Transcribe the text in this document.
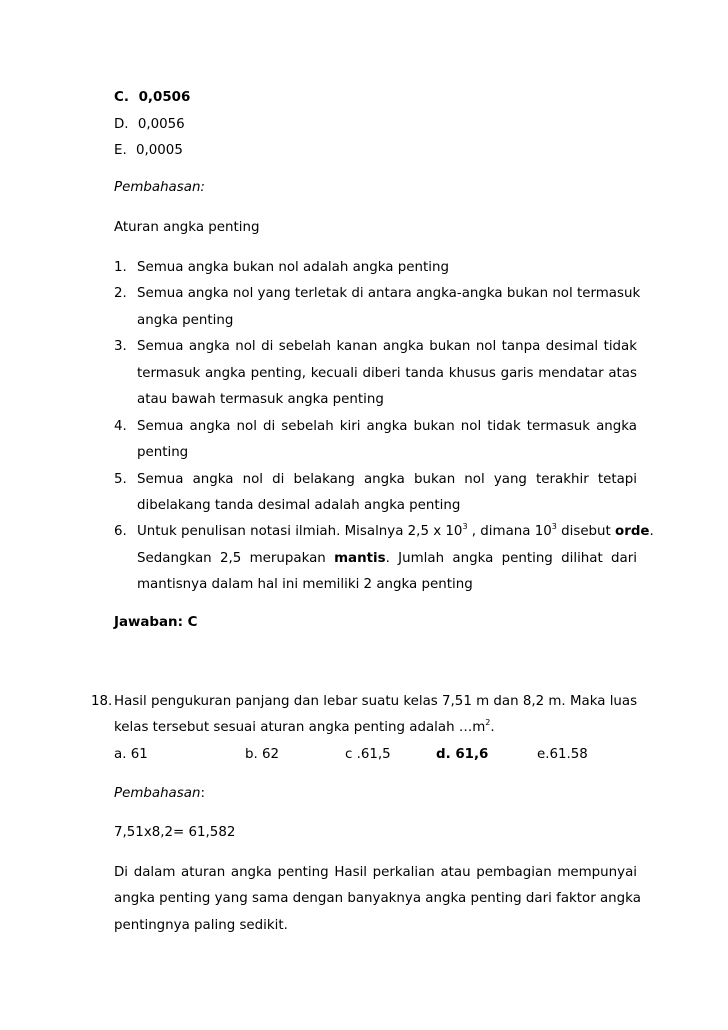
C. 0,0506
D. 0,0056
E. 0,0005
Pembahasan:
Aturan angka penting
1. Semua angka bukan nol adalah angka penting
2. Semua angka nol yang terletak di antara angka-angka bukan nol termasuk
angka penting
3. Semua angka nol di sebelah kanan angka bukan nol tanpa desimal tidak
termasuk angka penting, kecuali diberi tanda khusus garis mendatar atas
atau bawah termasuk angka penting
4. Semua angka nol di sebelah kiri angka bukan nol tidak termasuk angka
penting
5. Semua angka nol di belakang angka bukan nol yang terakhir tetapi
dibelakang tanda desimal adalah angka penting
6. Untuk penulisan notasi ilmiah. Misalnya 2,5 x $10^3$ , dimana $10^3$ disebut orde.
Sedangkan 2,5 merupakan mantis. Jumlah angka penting dilihat dari
mantisnya dalam hal ini memiliki 2 angka penting
Jawaban: C
18. Hasil pengukuran panjang dan lebar suatu kelas 7,51 m dan 8,2 m. Maka luas
kelas tersebut sesuai aturan angka penting adalah $\dots m^2$.
a. 61	b. 62	c .61,5	d. 61,6	e.61.58
Pembahasan:
7,51x8,2= 61,582
Di dalam aturan angka penting Hasil perkalian atau pembagian mempunyai
angka penting yang sama dengan banyaknya angka penting dari faktor angka
pentingnya paling sedikit.
